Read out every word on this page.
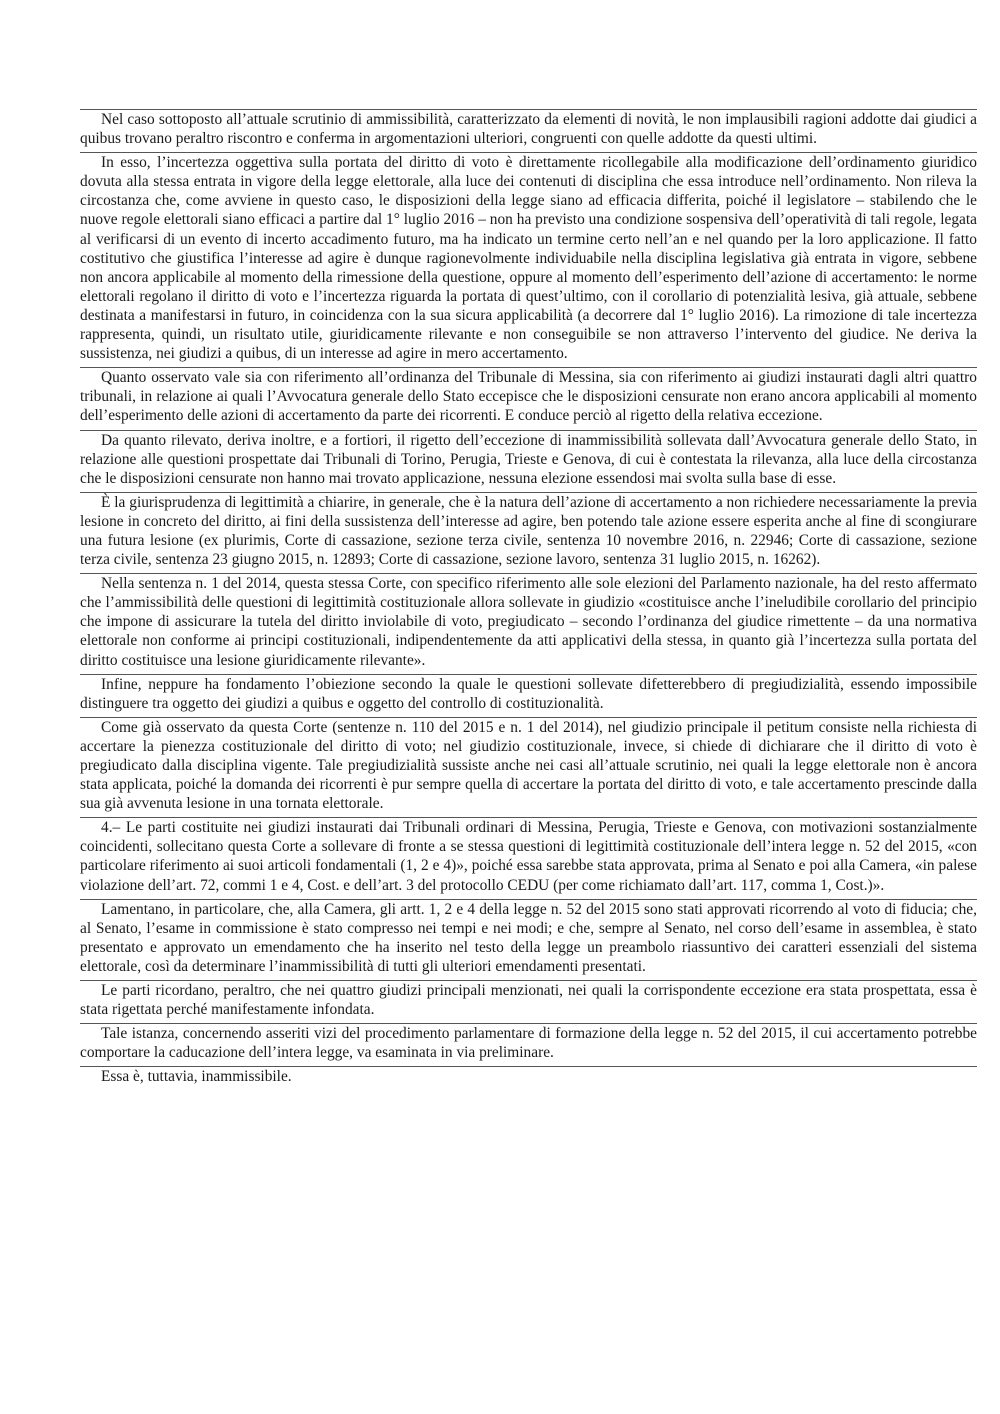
Nel caso sottoposto all’attuale scrutinio di ammissibilità, caratterizzato da elementi di novità, le non implausibili ragioni addotte dai giudici a quibus trovano peraltro riscontro e conferma in argomentazioni ulteriori, congruenti con quelle addotte da questi ultimi.

In esso, l’incertezza oggettiva sulla portata del diritto di voto è direttamente ricollegabile alla modificazione dell’ordinamento giuridico dovuta alla stessa entrata in vigore della legge elettorale, alla luce dei contenuti di disciplina che essa introduce nell’ordinamento. Non rileva la circostanza che, come avviene in questo caso, le disposizioni della legge siano ad efficacia differita, poiché il legislatore – stabilendo che le nuove regole elettorali siano efficaci a partire dal 1° luglio 2016 – non ha previsto una condizione sospensiva dell’operatività di tali regole, legata al verificarsi di un evento di incerto accadimento futuro, ma ha indicato un termine certo nell’an e nel quando per la loro applicazione. Il fatto costitutivo che giustifica l’interesse ad agire è dunque ragionevolmente individuabile nella disciplina legislativa già entrata in vigore, sebbene non ancora applicabile al momento della rimessione della questione, oppure al momento dell’esperimento dell’azione di accertamento: le norme elettorali regolano il diritto di voto e l’incertezza riguarda la portata di quest’ultimo, con il corollario di potenzialità lesiva, già attuale, sebbene destinata a manifestarsi in futuro, in coincidenza con la sua sicura applicabilità (a decorrere dal 1° luglio 2016). La rimozione di tale incertezza rappresenta, quindi, un risultato utile, giuridicamente rilevante e non conseguibile se non attraverso l’intervento del giudice. Ne deriva la sussistenza, nei giudizi a quibus, di un interesse ad agire in mero accertamento.

Quanto osservato vale sia con riferimento all’ordinanza del Tribunale di Messina, sia con riferimento ai giudizi instaurati dagli altri quattro tribunali, in relazione ai quali l’Avvocatura generale dello Stato eccepisce che le disposizioni censurate non erano ancora applicabili al momento dell’esperimento delle azioni di accertamento da parte dei ricorrenti. E conduce perciò al rigetto della relativa eccezione.

Da quanto rilevato, deriva inoltre, e a fortiori, il rigetto dell’eccezione di inammissibilità sollevata dall’Avvocatura generale dello Stato, in relazione alle questioni prospettate dai Tribunali di Torino, Perugia, Trieste e Genova, di cui è contestata la rilevanza, alla luce della circostanza che le disposizioni censurate non hanno mai trovato applicazione, nessuna elezione essendosi mai svolta sulla base di esse.

È la giurisprudenza di legittimità a chiarire, in generale, che è la natura dell’azione di accertamento a non richiedere necessariamente la previa lesione in concreto del diritto, ai fini della sussistenza dell’interesse ad agire, ben potendo tale azione essere esperita anche al fine di scongiurare una futura lesione (ex plurimis, Corte di cassazione, sezione terza civile, sentenza 10 novembre 2016, n. 22946; Corte di cassazione, sezione terza civile, sentenza 23 giugno 2015, n. 12893; Corte di cassazione, sezione lavoro, sentenza 31 luglio 2015, n. 16262).

Nella sentenza n. 1 del 2014, questa stessa Corte, con specifico riferimento alle sole elezioni del Parlamento nazionale, ha del resto affermato che l’ammissibilità delle questioni di legittimità costituzionale allora sollevate in giudizio «costituisce anche l’ineludibile corollario del principio che impone di assicurare la tutela del diritto inviolabile di voto, pregiudicato – secondo l’ordinanza del giudice rimettente – da una normativa elettorale non conforme ai principi costituzionali, indipendentemente da atti applicativi della stessa, in quanto già l’incertezza sulla portata del diritto costituisce una lesione giuridicamente rilevante».

Infine, neppure ha fondamento l’obiezione secondo la quale le questioni sollevate difetterebbero di pregiudizialità, essendo impossibile distinguere tra oggetto dei giudizi a quibus e oggetto del controllo di costituzionalità.

Come già osservato da questa Corte (sentenze n. 110 del 2015 e n. 1 del 2014), nel giudizio principale il petitum consiste nella richiesta di accertare la pienezza costituzionale del diritto di voto; nel giudizio costituzionale, invece, si chiede di dichiarare che il diritto di voto è pregiudicato dalla disciplina vigente. Tale pregiudizialità sussiste anche nei casi all’attuale scrutinio, nei quali la legge elettorale non è ancora stata applicata, poiché la domanda dei ricorrenti è pur sempre quella di accertare la portata del diritto di voto, e tale accertamento prescinde dalla sua già avvenuta lesione in una tornata elettorale.

4.– Le parti costituite nei giudizi instaurati dai Tribunali ordinari di Messina, Perugia, Trieste e Genova, con motivazioni sostanzialmente coincidenti, sollecitano questa Corte a sollevare di fronte a se stessa questioni di legittimità costituzionale dell’intera legge n. 52 del 2015, «con particolare riferimento ai suoi articoli fondamentali (1, 2 e 4)», poiché essa sarebbe stata approvata, prima al Senato e poi alla Camera, «in palese violazione dell’art. 72, commi 1 e 4, Cost. e dell’art. 3 del protocollo CEDU (per come richiamato dall’art. 117, comma 1, Cost.)».

Lamentano, in particolare, che, alla Camera, gli artt. 1, 2 e 4 della legge n. 52 del 2015 sono stati approvati ricorrendo al voto di fiducia; che, al Senato, l’esame in commissione è stato compresso nei tempi e nei modi; e che, sempre al Senato, nel corso dell’esame in assemblea, è stato presentato e approvato un emendamento che ha inserito nel testo della legge un preambolo riassuntivo dei caratteri essenziali del sistema elettorale, così da determinare l’inammissibilità di tutti gli ulteriori emendamenti presentati.

Le parti ricordano, peraltro, che nei quattro giudizi principali menzionati, nei quali la corrispondente eccezione era stata prospettata, essa è stata rigettata perché manifestamente infondata.

Tale istanza, concernendo asseriti vizi del procedimento parlamentare di formazione della legge n. 52 del 2015, il cui accertamento potrebbe comportare la caducazione dell’intera legge, va esaminata in via preliminare.

Essa è, tuttavia, inammissibile.
